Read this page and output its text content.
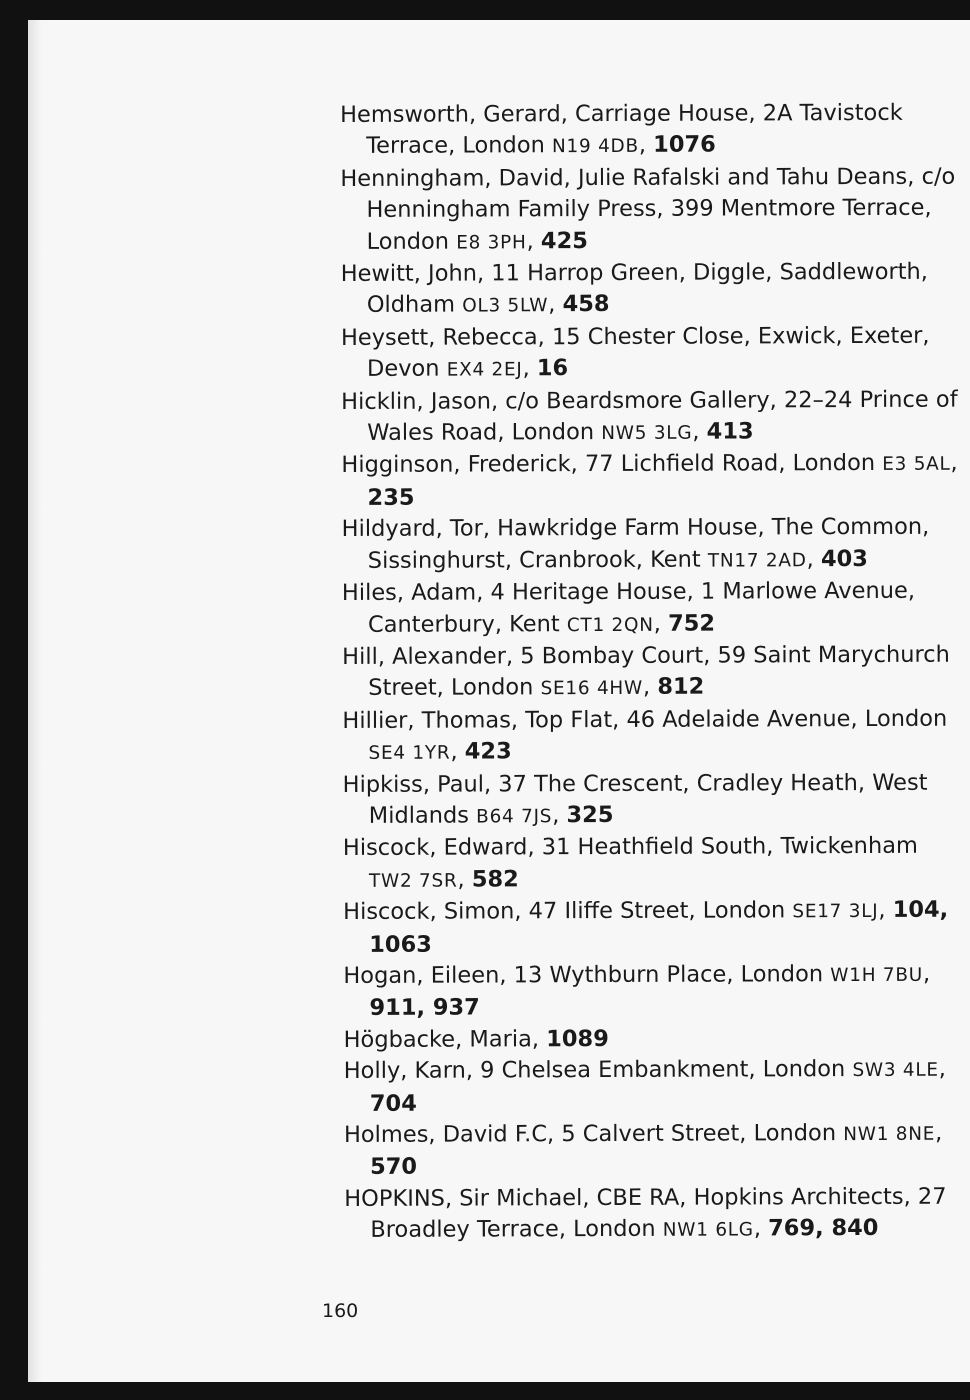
Hemsworth, Gerard, Carriage House, 2A Tavistock Terrace, London N19 4DB, 1076

Henningham, David, Julie Rafalski and Tahu Deans, c/o Henningham Family Press, 399 Mentmore Terrace, London E8 3PH, 425

Hewitt, John, 11 Harrop Green, Diggle, Saddleworth, Oldham OL3 5LW, 458

Heysett, Rebecca, 15 Chester Close, Exwick, Exeter, Devon EX4 2EJ, 16

Hicklin, Jason, c/o Beardsmore Gallery, 22–24 Prince of Wales Road, London NW5 3LG, 413

Higginson, Frederick, 77 Lichfield Road, London E3 5AL, 235

Hildyard, Tor, Hawkridge Farm House, The Common, Sissinghurst, Cranbrook, Kent TN17 2AD, 403

Hiles, Adam, 4 Heritage House, 1 Marlowe Avenue, Canterbury, Kent CT1 2QN, 752

Hill, Alexander, 5 Bombay Court, 59 Saint Marychurch Street, London SE16 4HW, 812

Hillier, Thomas, Top Flat, 46 Adelaide Avenue, London SE4 1YR, 423

Hipkiss, Paul, 37 The Crescent, Cradley Heath, West Midlands B64 7JS, 325

Hiscock, Edward, 31 Heathfield South, Twickenham TW2 7SR, 582

Hiscock, Simon, 47 Iliffe Street, London SE17 3LJ, 104, 1063

Hogan, Eileen, 13 Wythburn Place, London W1H 7BU, 911, 937

Högbacke, Maria, 1089

Holly, Karn, 9 Chelsea Embankment, London SW3 4LE, 704

Holmes, David F.C, 5 Calvert Street, London NW1 8NE, 570

HOPKINS, Sir Michael, CBE RA, Hopkins Architects, 27 Broadley Terrace, London NW1 6LG, 769, 840

160
